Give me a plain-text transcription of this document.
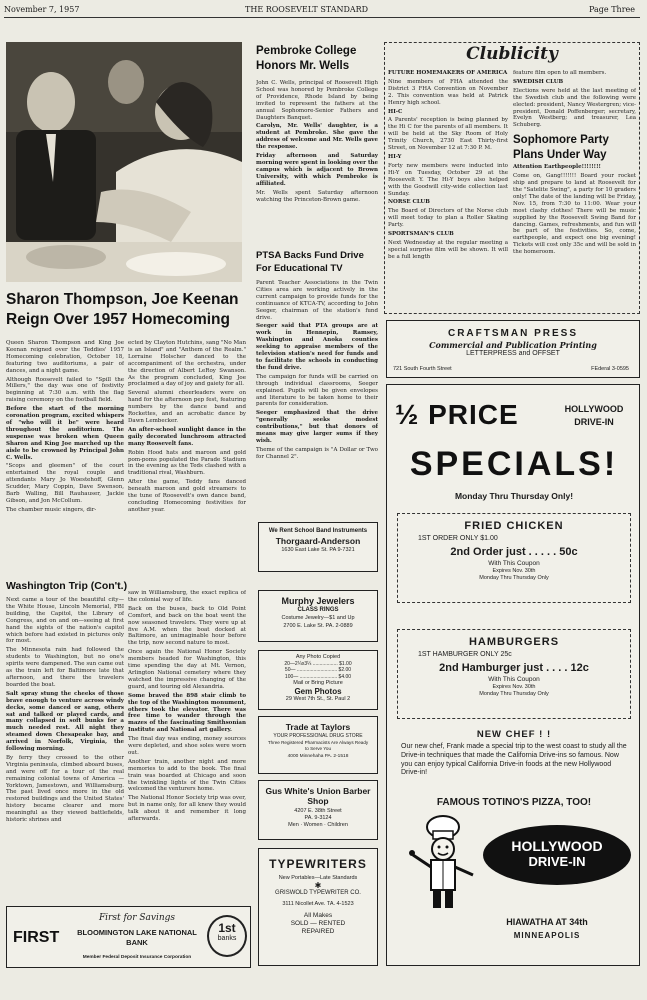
November 7, 1957	THE ROOSEVELT STANDARD	Page Three
Sharon Thompson, Joe Keenan Reign Over 1957 Homecoming

Queen Sharon Thompson and King Joe Keenan reigned over the Teddies' 1957 Homecoming celebration, October 18, featuring two auditoriums, a pair of dances, and a night game.

Although Roosevelt failed to "Spill the Millers," the day was one of festivity beginning at 7:30 a.m. with the flag raising ceremony on the football field.

Before the start of the morning coronation program, excited whispers of "who will it be" were heard throughout the auditorium. The suspense was broken when Queen Sharon and King Joe marched up the aisle to be crowned by Principal John C. Wells.

"Scops and gleemen" of the court entertained the royal couple and attendants Mary Jo Woestehoff, Glenn Scudder, Mary Coppin, Dave Swenson, Barb Walling, Bill Rauhauser, Jackie Gibson, and Jon McCollum.

The chamber music singers, dir-

ected by Clayton Hutchins, sang "No Man is an Island" and "Anthem of the Realm." Lorraine Holscher danced to the accompaniment of the orchestra, under the direction of Albert LeRoy Swanson. As the program concluded, King Joe proclaimed a day of joy and gaiety for all.

Several alumni cheerleaders were on hand for the afternoon pep fest, featuring numbers by the dance band and Rockettes, and an acrobatic dance by Dawn Lembecker.

An after-school sunlight dance in the gaily decorated lunchroom attracted many Roosevelt fans.

Robin Hood hats and maroon and gold pom-poms populated the Parade Stadium in the evening as the Teds clashed with a traditional rival, Washburn.

After the game, Teddy fans danced beneath maroon and gold streamers to the tune of Roosevelt's own dance band, concluding Homecoming festivities for another year.

Washington Trip (Con't.)

Next came a tour of the beautiful city—the White House, Lincoln Memorial, FBI building, the Capitol, the Library of Congress, and on and on—seeing at first hand the sights of the nation's capitol which before had existed in pictures only for most.

The Minnesota rain had followed the students to Washington, but no one's spirits were dampened. The sun came out as the train left for Baltimore late that afternoon, and there the travelers boarded the boat.

Salt spray stung the cheeks of those brave enough to venture across windy decks, some danced or sang, others sat and talked or played cards, and many collapsed in soft bunks for a much needed rest. All night they steamed down Chesapeake bay, and arrived in Norfolk, Virginia, the following morning.

By ferry they crossed to the other Virginia peninsula, climbed aboard buses, and were off for a tour of the real remaining colonial towns of America — Yorktown, Jamestown, and Williamsburg. The past lived once more in the old restored buildings and the United States' history became clearer and more meaningful as they viewed battlefields, historic shrines and

saw in Williamsburg, the exact replica of the colonial way of life.

Back on the buses, back to Old Point Comfort, and back on the boat went the now seasoned travelers. They were up at five A.M. when the boat docked at Baltimore, an unimaginable hour before the trip, now second nature to most.

Once again the National Honor Society members headed for Washington, this time spending the day at Mt. Vernon, Arlington National cemetery where they watched the impressive changing of the guard, and touring old Alexandria.

Some braved the 898 stair climb to the top of the Washington monument, others took the elevator. There was free time to wander through the mazes of the fascinating Smithsonian Institute and National art gallery.

The final day was ending, money sources were depleted, and shoe soles were worn out.

Another train, another night and more memories to add to the book. The final train was boarded at Chicago and soon the twinkling lights of the Twin Cities welcomed the venturers home.

The National Honor Society trip was over, but in name only, for all knew they would talk about it and remember it long afterwards.

FIRST
First for Savings
BLOOMINGTON LAKE NATIONAL BANK
Member Federal Deposit Insurance Corporation
1st
banks
Pembroke College Honors Mr. Wells

John C. Wells, principal of Roosevelt High School was honored by Pembroke College of Providence, Rhode Island by being invited to represent the fathers at the annual Sophomore-Senior Fathers and Daughters Banquet.

Carolyn, Mr. Wells' daughter, is a student at Pembroke. She gave the address of welcome and Mr. Wells gave the response.

Friday afternoon and Saturday morning were spent in looking over the campus which is adjacent to Brown University, with which Pembroke is affiliated.

Mr. Wells spent Saturday afternoon watching the Princeton-Brown game.

PTSA Backs Fund Drive For Educational TV

Parent Teacher Associations in the Twin Cities area are working actively in the current campaign to provide funds for the continuance of KTCA-TV, according to John Seeger, chairman of the station's fund drive.

Seeger said that PTA groups are at work in Hennepin, Ramsey, Washington and Anoka counties seeking to appraise members of the television station's need for funds and to facilitate the schools in conducting the fund drive.

The campaign for funds will be carried on through individual classrooms, Seeger explained. Pupils will be given envelopes and literature to be taken home to their parents for consideration.

Seeger emphasized that the drive "generally seeks modest contributions," but that donors of means may give larger sums if they wish.

Theme of the campaign is "A Dollar or Two for Channel 2".

We Rent School Band Instruments
Thorgaard-Anderson
1630 East Lake St. PA 9-7321
Murphy Jewelers
CLASS RINGS
Costume Jewelry—$1 and Up
2700 E. Lake St. PA. 2-0889
Any Photo Copied
20—2¼x3¼ .................. $1.00
50— ............................. $2.00
100— ........................... $4.00
Mail or Bring Picture
Gem Photos
29 West 7th St., St. Paul 2
Trade at Taylors
YOUR PROFESSIONAL DRUG STORE
Three Registered Pharmacists Are Always Ready to Serve You
4000 Minnehaha PA. 2-1518
Gus White's Union Barber Shop
4207 E. 38th Street
PA. 9-3124
Men · Women · Children
TYPEWRITERS
New Portables—Late Standards
✱
GRISWOLD TYPEWRITER CO.
3111 Nicollet Ave. TA. 4-1523
All Makes
SOLD — RENTED
REPAIRED
Clublicity
FUTURE HOMEMAKERS OF AMERICA

Nine members of FHA attended the District 3 FHA Convention on November 2. This convention was held at Patrick Henry high school.

HI-C

A Parents' reception is being planned by the Hi C for the parents of all members. It will be held at the Sky Room of Holy Trinity Church, 2730 East Thirty-first Street, on November 12 at 7:30 P. M.

HI-Y

Forty new members were inducted into Hi-Y on Tuesday, October 29 at the Roosevelt Y. The Hi-Y boys also helped with the Goodwill city-wide collection last Sunday.

NORSE CLUB

The Board of Directors of the Norse club will meet today to plan a Roller Skating Party.

SPORTSMAN'S CLUB

Next Wednesday at the regular meeting a special surprise film will be shown. It will be a full length

feature film open to all members.

SWEDISH CLUB

Elections were held at the last meeting of the Swedish club and the following were elected: president, Nancy Westergren; vice-president, Donald Poffenberger; secretary, Evelyn Westberg; and treasurer, Lea Schuberg.

Sophomore Party Plans Under Way
Attention Earthpeople!!!!!!!!

Come on, Gang!!!!!!! Board your rocket ship and prepare to land at Roosevelt for the "Satelite Swing", a party for 10 graders only! The date of the landing will be Friday, Nov. 15, from 7:30 to 11:00. Wear your most clashy clothes! There will be music supplied by the Roosevelt Swing Band for dancing. Games, refreshments, and fun will be part of the festivities. So, come, earthpeople, and expect one big evening! Tickets will cost only 35c and will be sold in the homeroom.

CRAFTSMAN PRESS
Commercial and Publication Printing
LETTERPRESS and OFFSET
721 South Fourth Street	FEderal 3-0595
½ PRICE	HOLLYWOOD DRIVE-IN
SPECIALS!
Monday Thru Thursday Only!
FRIED CHICKEN
1ST ORDER ONLY $1.00
2nd Order just . . . . . 50c
With This Coupon
Expires Nov. 30th
Monday Thru Thursday Only
HAMBURGERS
1ST HAMBURGER ONLY 25c
2nd Hamburger just . . . . 12c
With This Coupon
Expires Nov. 30th
Monday Thru Thursday Only
NEW CHEF ! !
Our new chef, Frank made a special trip to the west coast to study all the Drive-in techniques that made the California Drive-ins so famous. Now you can enjoy typical California Drive-in foods at the new Hollywood Drive-in!
FAMOUS TOTINO'S PIZZA, TOO!
HOLLYWOOD
DRIVE-IN
HIAWATHA AT 34th
MINNEAPOLIS
